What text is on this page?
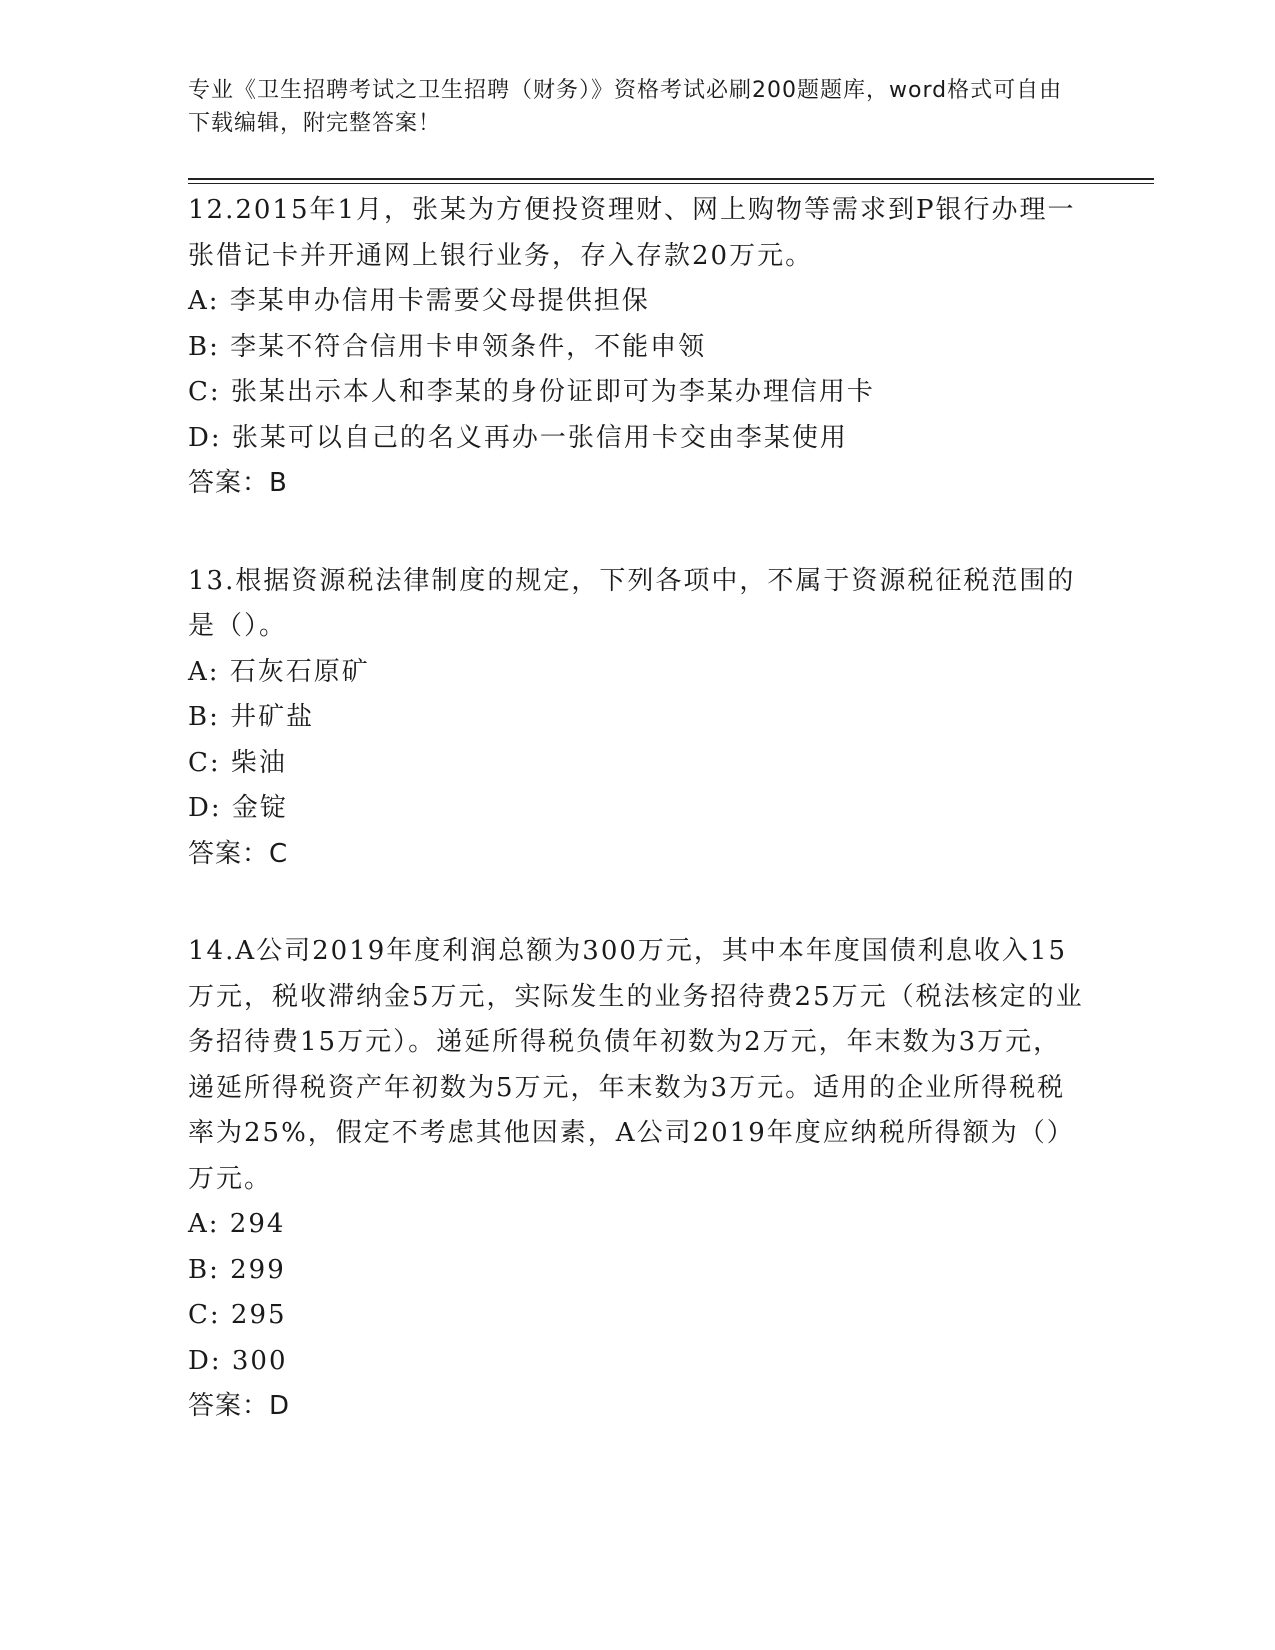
专业《卫生招聘考试之卫生招聘（财务）》资格考试必刷200题题库，word格式可自由下载编辑，附完整答案！

12.2015年1月，张某为方便投资理财、网上购物等需求到P银行办理一张借记卡并开通网上银行业务，存入存款20万元。

A: 李某申办信用卡需要父母提供担保

B: 李某不符合信用卡申领条件，不能申领

C: 张某出示本人和李某的身份证即可为李某办理信用卡

D: 张某可以自己的名义再办一张信用卡交由李某使用

答案：B

13.根据资源税法律制度的规定，下列各项中，不属于资源税征税范围的是（）。

A: 石灰石原矿

B: 井矿盐

C: 柴油

D: 金锭

答案：C

14.A公司2019年度利润总额为300万元，其中本年度国债利息收入15万元，税收滞纳金5万元，实际发生的业务招待费25万元（税法核定的业务招待费15万元）。递延所得税负债年初数为2万元，年末数为3万元，递延所得税资产年初数为5万元，年末数为3万元。适用的企业所得税税率为25%，假定不考虑其他因素，A公司2019年度应纳税所得额为（）万元。

A: 294

B: 299

C: 295

D: 300

答案：D
